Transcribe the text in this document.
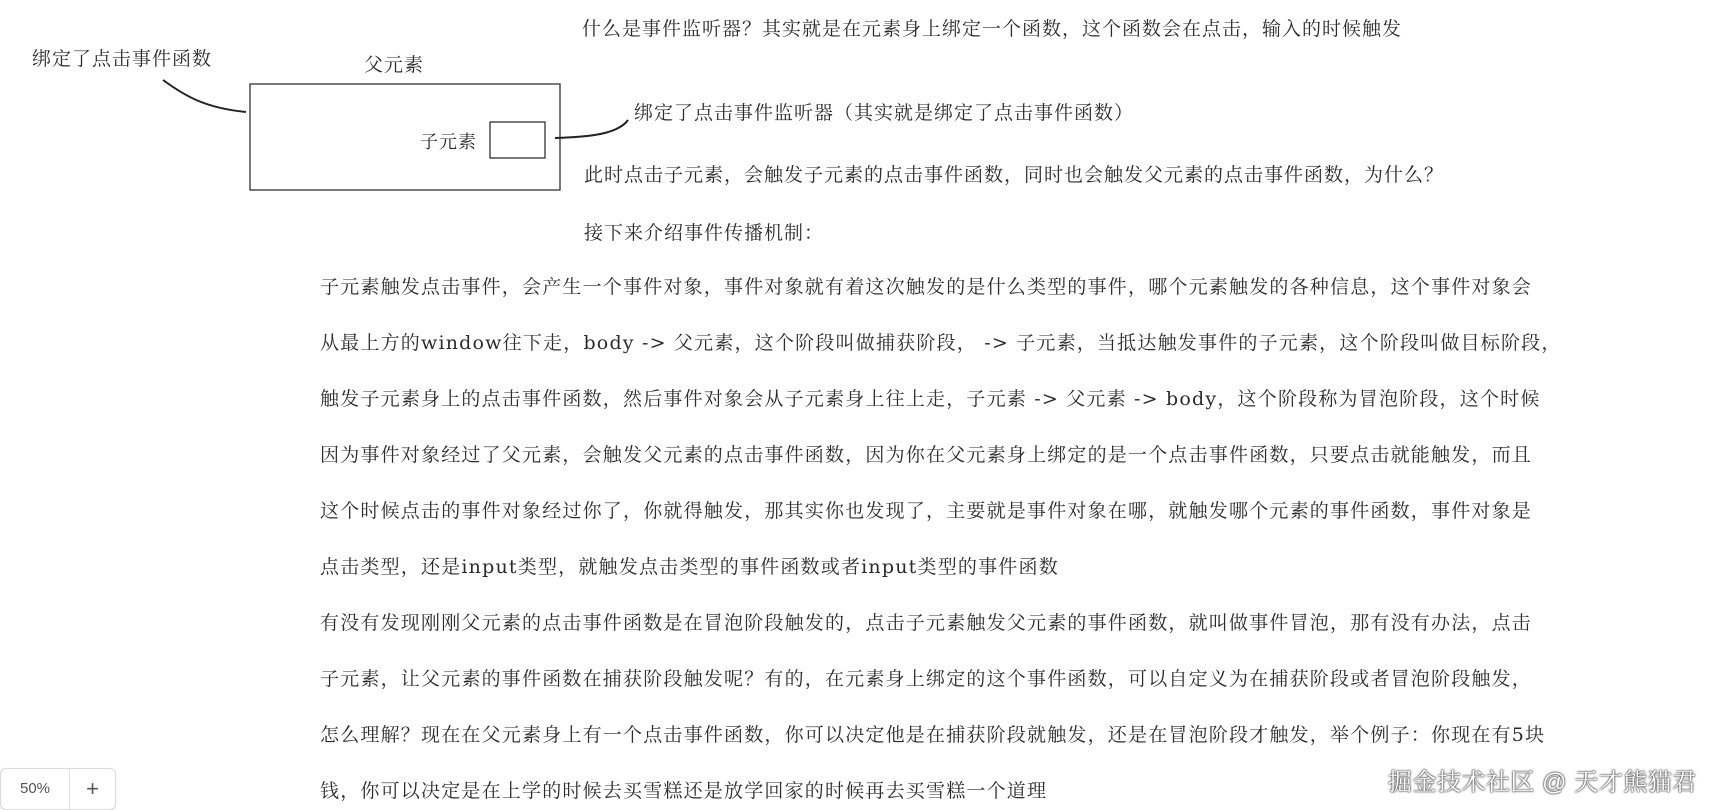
绑定了点击事件函数	父元素
子元素
绑定了点击事件监听器（其实就是绑定了点击事件函数）
什么是事件监听器？其实就是在元素身上绑定一个函数，这个函数会在点击，输入的时候触发
此时点击子元素，会触发子元素的点击事件函数，同时也会触发父元素的点击事件函数，为什么？
接下来介绍事件传播机制：
子元素触发点击事件，会产生一个事件对象，事件对象就有着这次触发的是什么类型的事件，哪个元素触发的各种信息，这个事件对象会
从最上方的window往下走，body -> 父元素，这个阶段叫做捕获阶段， -> 子元素，当抵达触发事件的子元素，这个阶段叫做目标阶段，
触发子元素身上的点击事件函数，然后事件对象会从子元素身上往上走，子元素 -> 父元素 -> body，这个阶段称为冒泡阶段，这个时候
因为事件对象经过了父元素，会触发父元素的点击事件函数，因为你在父元素身上绑定的是一个点击事件函数，只要点击就能触发，而且
这个时候点击的事件对象经过你了，你就得触发，那其实你也发现了，主要就是事件对象在哪，就触发哪个元素的事件函数，事件对象是
点击类型，还是input类型，就触发点击类型的事件函数或者input类型的事件函数
有没有发现刚刚父元素的点击事件函数是在冒泡阶段触发的，点击子元素触发父元素的事件函数，就叫做事件冒泡，那有没有办法，点击
子元素，让父元素的事件函数在捕获阶段触发呢？有的，在元素身上绑定的这个事件函数，可以自定义为在捕获阶段或者冒泡阶段触发，
怎么理解？现在在父元素身上有一个点击事件函数，你可以决定他是在捕获阶段就触发，还是在冒泡阶段才触发，举个例子：你现在有5块
钱，你可以决定是在上学的时候去买雪糕还是放学回家的时候再去买雪糕一个道理
50%	+	掘金技术社区 @ 天才熊猫君
